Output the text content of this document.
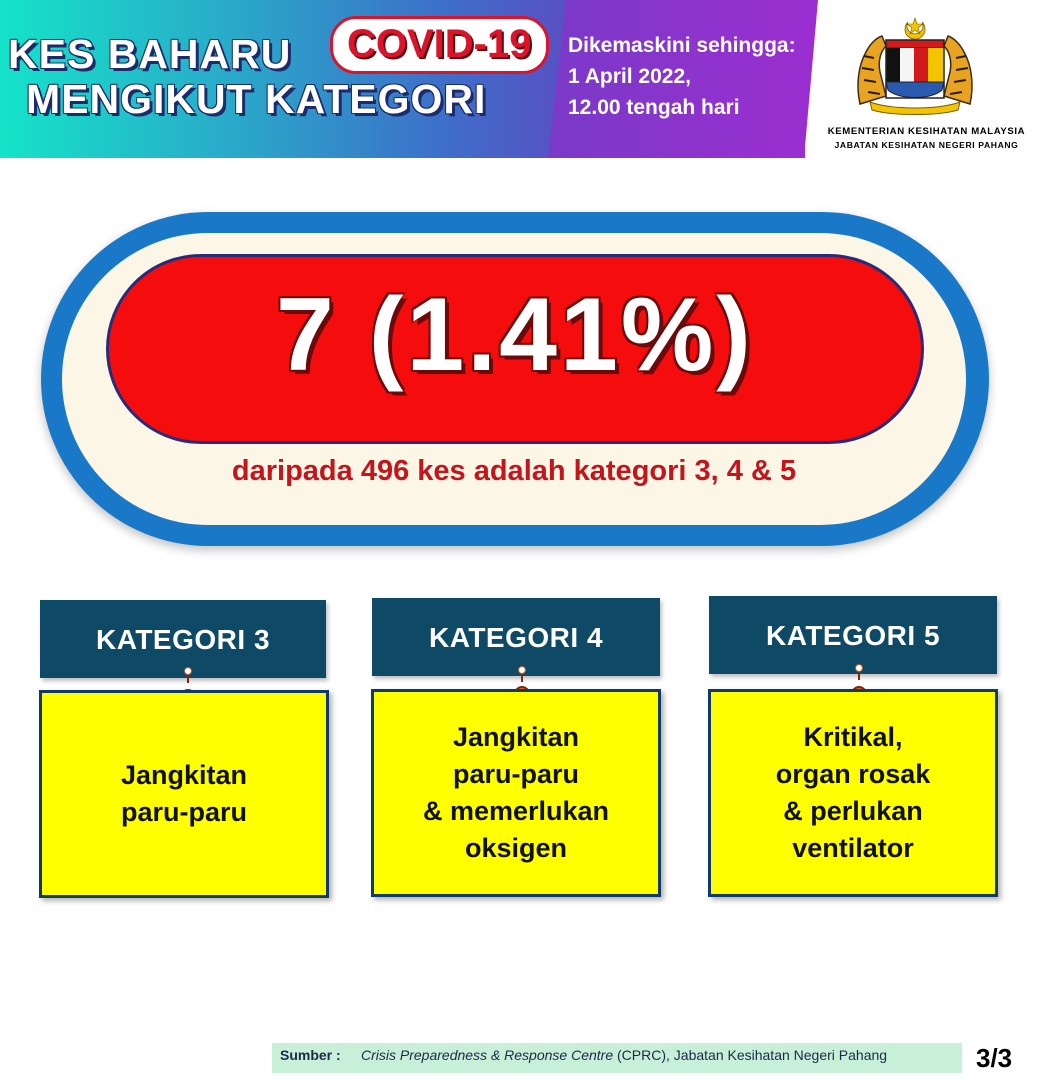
KES BAHARU	COVID-19
MENGIKUT KATEGORI
Dikemaskini sehingga:
1 April 2022,
12.00 tengah hari
KEMENTERIAN KESIHATAN MALAYSIA
JABATAN KESIHATAN NEGERI PAHANG
7 (1.41%)
daripada 496 kes adalah kategori 3, 4 & 5
KATEGORI 3
Jangkitan
paru-paru
KATEGORI 4
Jangkitan
paru-paru
& memerlukan
oksigen
KATEGORI 5
Kritikal,
organ rosak
& perlukan
ventilator
Sumber : Crisis Preparedness & Response Centre (CPRC), Jabatan Kesihatan Negeri Pahang	3/3
